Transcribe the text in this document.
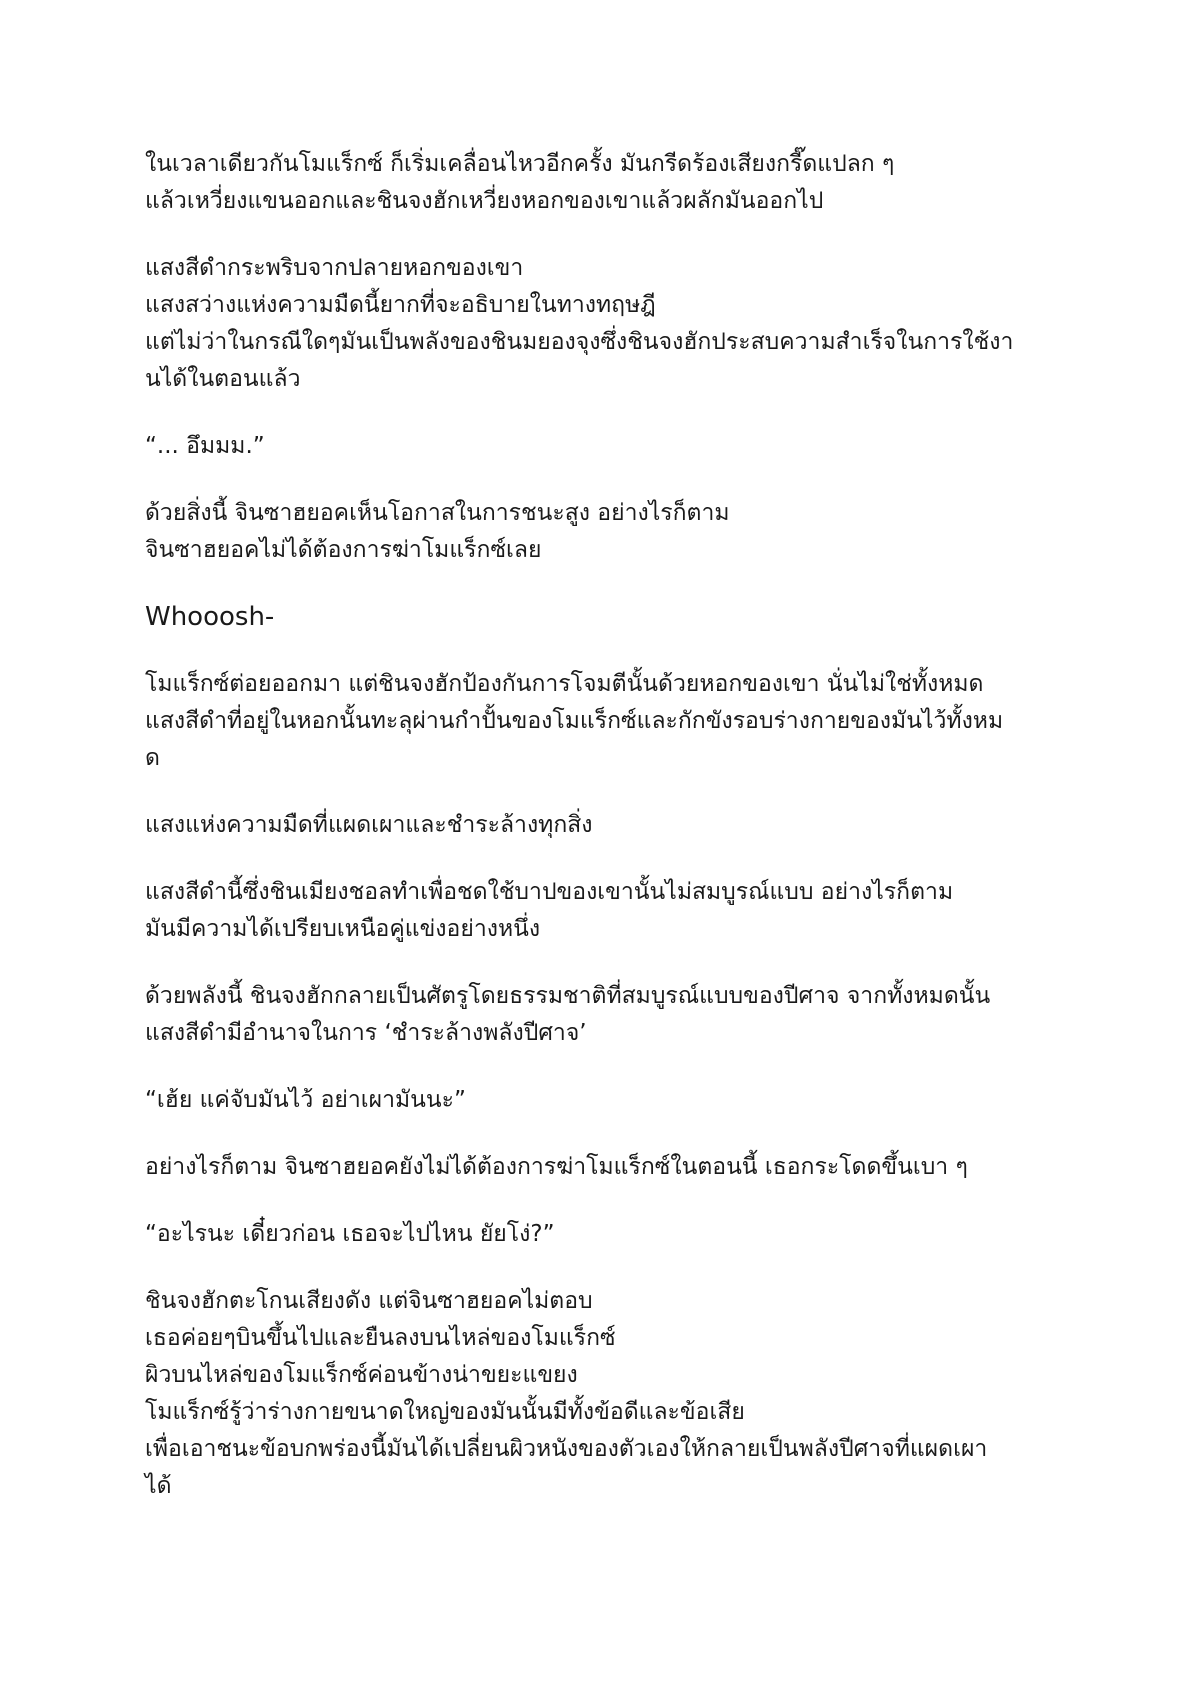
ในเวลาเดียวกันโมแร็กซ์ ก็เริ่มเคลื่อนไหวอีกครั้ง มันกรีดร้องเสียงกรี๊ดแปลก ๆ
แล้วเหวี่ยงแขนออกและชินจงฮักเหวี่ยงหอกของเขาแล้วผลักมันออกไป
แสงสีดำกระพริบจากปลายหอกของเขา
แสงสว่างแห่งความมืดนี้ยากที่จะอธิบายในทางทฤษฎี
แต่ไม่ว่าในกรณีใดๆมันเป็นพลังของชินมยองจุงซึ่งชินจงฮักประสบความสำเร็จในการใช้งา
นได้ในตอนแล้ว
“... อึมมม.”
ด้วยสิ่งนี้ จินซาฮยอคเห็นโอกาสในการชนะสูง อย่างไรก็ตาม
จินซาฮยอคไม่ได้ต้องการฆ่าโมแร็กซ์เลย
Whooosh-
โมแร็กซ์ต่อยออกมา แต่ชินจงฮักป้องกันการโจมตีนั้นด้วยหอกของเขา นั่นไม่ใช่ทั้งหมด
แสงสีดำที่อยู่ในหอกนั้นทะลุผ่านกำปั้นของโมแร็กซ์และกักขังรอบร่างกายของมันไว้ทั้งหม
ด
แสงแห่งความมืดที่แผดเผาและชำระล้างทุกสิ่ง
แสงสีดำนี้ซึ่งชินเมียงชอลทำเพื่อชดใช้บาปของเขานั้นไม่สมบูรณ์แบบ อย่างไรก็ตาม
มันมีความได้เปรียบเหนือคู่แข่งอย่างหนึ่ง
ด้วยพลังนี้ ชินจงฮักกลายเป็นศัตรูโดยธรรมชาติที่สมบูรณ์แบบของปีศาจ จากทั้งหมดนั้น
แสงสีดำมีอำนาจในการ ‘ชำระล้างพลังปีศาจ’
“เฮ้ย แค่จับมันไว้ อย่าเผามันนะ”
อย่างไรก็ตาม จินซาฮยอคยังไม่ได้ต้องการฆ่าโมแร็กซ์ในตอนนี้ เธอกระโดดขึ้นเบา ๆ
“อะไรนะ เดี๋ยวก่อน เธอจะไปไหน ยัยโง่?”
ชินจงฮักตะโกนเสียงดัง แต่จินซาฮยอคไม่ตอบ
เธอค่อยๆบินขึ้นไปและยืนลงบนไหล่ของโมแร็กซ์
ผิวบนไหล่ของโมแร็กซ์ค่อนข้างน่าขยะแขยง
โมแร็กซ์รู้ว่าร่างกายขนาดใหญ่ของมันนั้นมีทั้งข้อดีและข้อเสีย
เพื่อเอาชนะข้อบกพร่องนี้มันได้เปลี่ยนผิวหนังของตัวเองให้กลายเป็นพลังปีศาจที่แผดเผา
ได้
